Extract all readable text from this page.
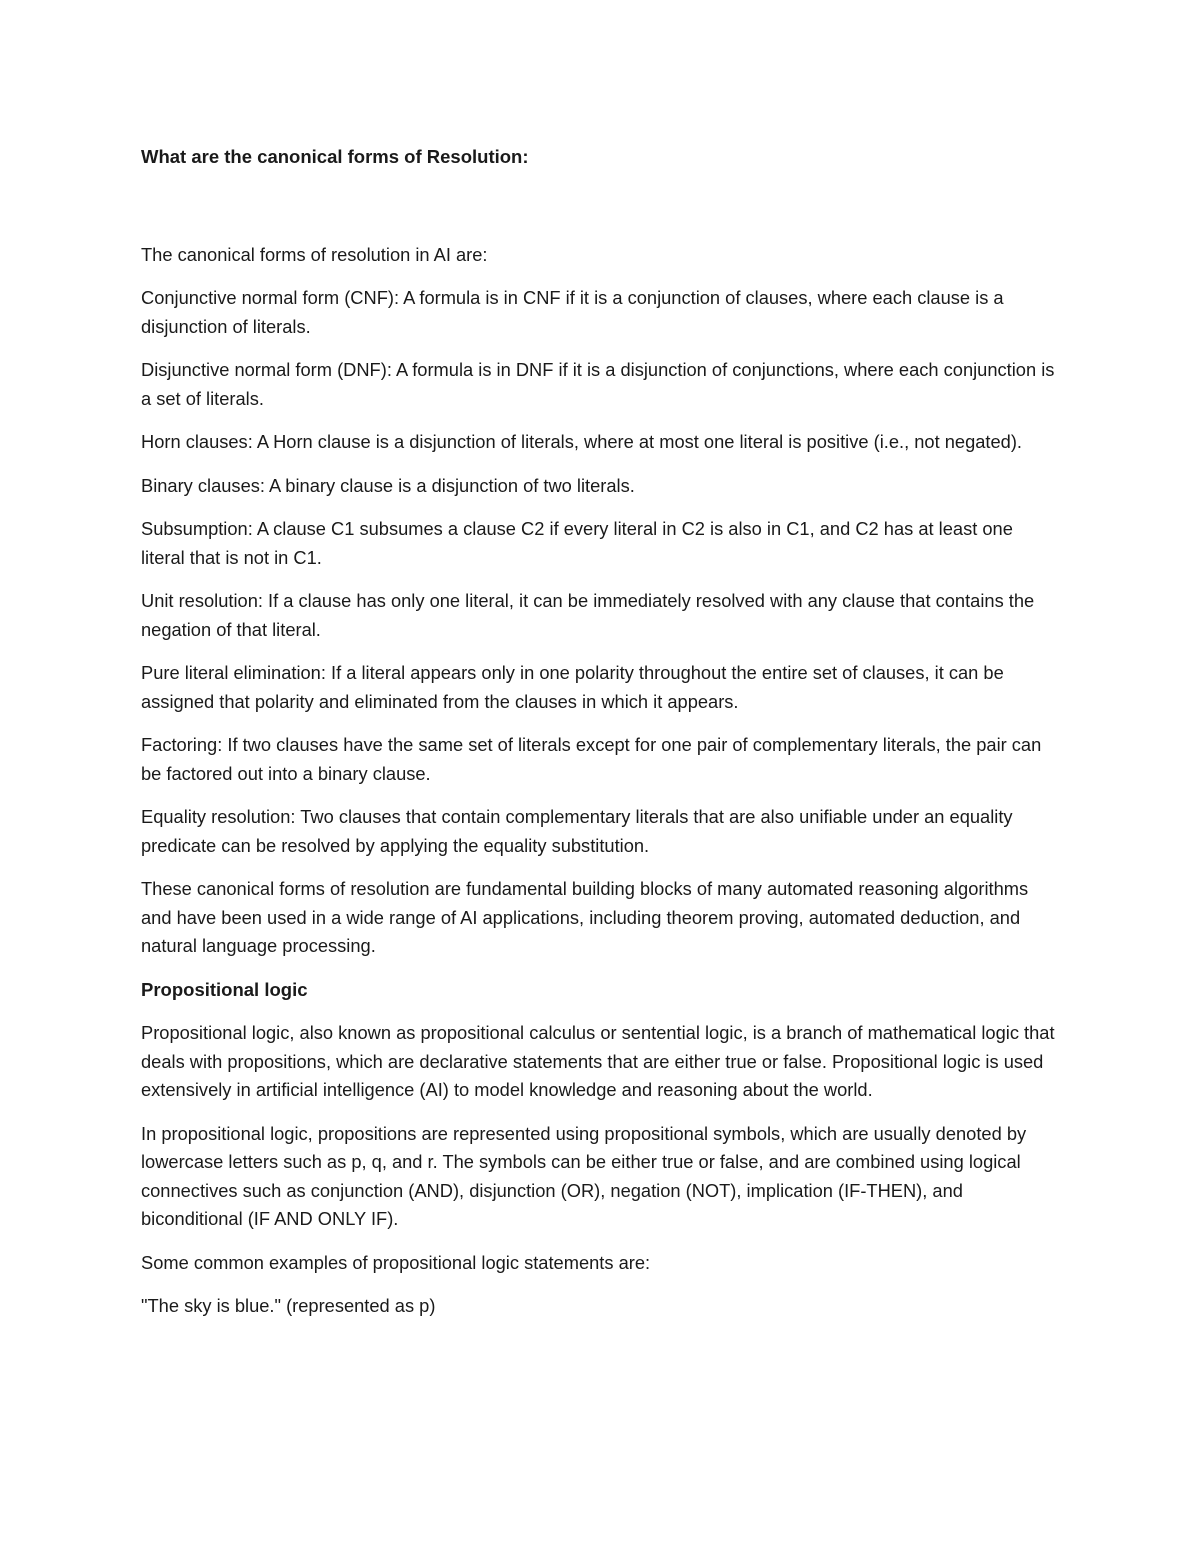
What are the canonical forms of Resolution:

The canonical forms of resolution in AI are:

Conjunctive normal form (CNF): A formula is in CNF if it is a conjunction of clauses, where each clause is a disjunction of literals.

Disjunctive normal form (DNF): A formula is in DNF if it is a disjunction of conjunctions, where each conjunction is a set of literals.

Horn clauses: A Horn clause is a disjunction of literals, where at most one literal is positive (i.e., not negated).

Binary clauses: A binary clause is a disjunction of two literals.

Subsumption: A clause C1 subsumes a clause C2 if every literal in C2 is also in C1, and C2 has at least one literal that is not in C1.

Unit resolution: If a clause has only one literal, it can be immediately resolved with any clause that contains the negation of that literal.

Pure literal elimination: If a literal appears only in one polarity throughout the entire set of clauses, it can be assigned that polarity and eliminated from the clauses in which it appears.

Factoring: If two clauses have the same set of literals except for one pair of complementary literals, the pair can be factored out into a binary clause.

Equality resolution: Two clauses that contain complementary literals that are also unifiable under an equality predicate can be resolved by applying the equality substitution.

These canonical forms of resolution are fundamental building blocks of many automated reasoning algorithms and have been used in a wide range of AI applications, including theorem proving, automated deduction, and natural language processing.

Propositional logic

Propositional logic, also known as propositional calculus or sentential logic, is a branch of mathematical logic that deals with propositions, which are declarative statements that are either true or false. Propositional logic is used extensively in artificial intelligence (AI) to model knowledge and reasoning about the world.

In propositional logic, propositions are represented using propositional symbols, which are usually denoted by lowercase letters such as p, q, and r. The symbols can be either true or false, and are combined using logical connectives such as conjunction (AND), disjunction (OR), negation (NOT), implication (IF-THEN), and biconditional (IF AND ONLY IF).

Some common examples of propositional logic statements are:

"The sky is blue." (represented as p)
